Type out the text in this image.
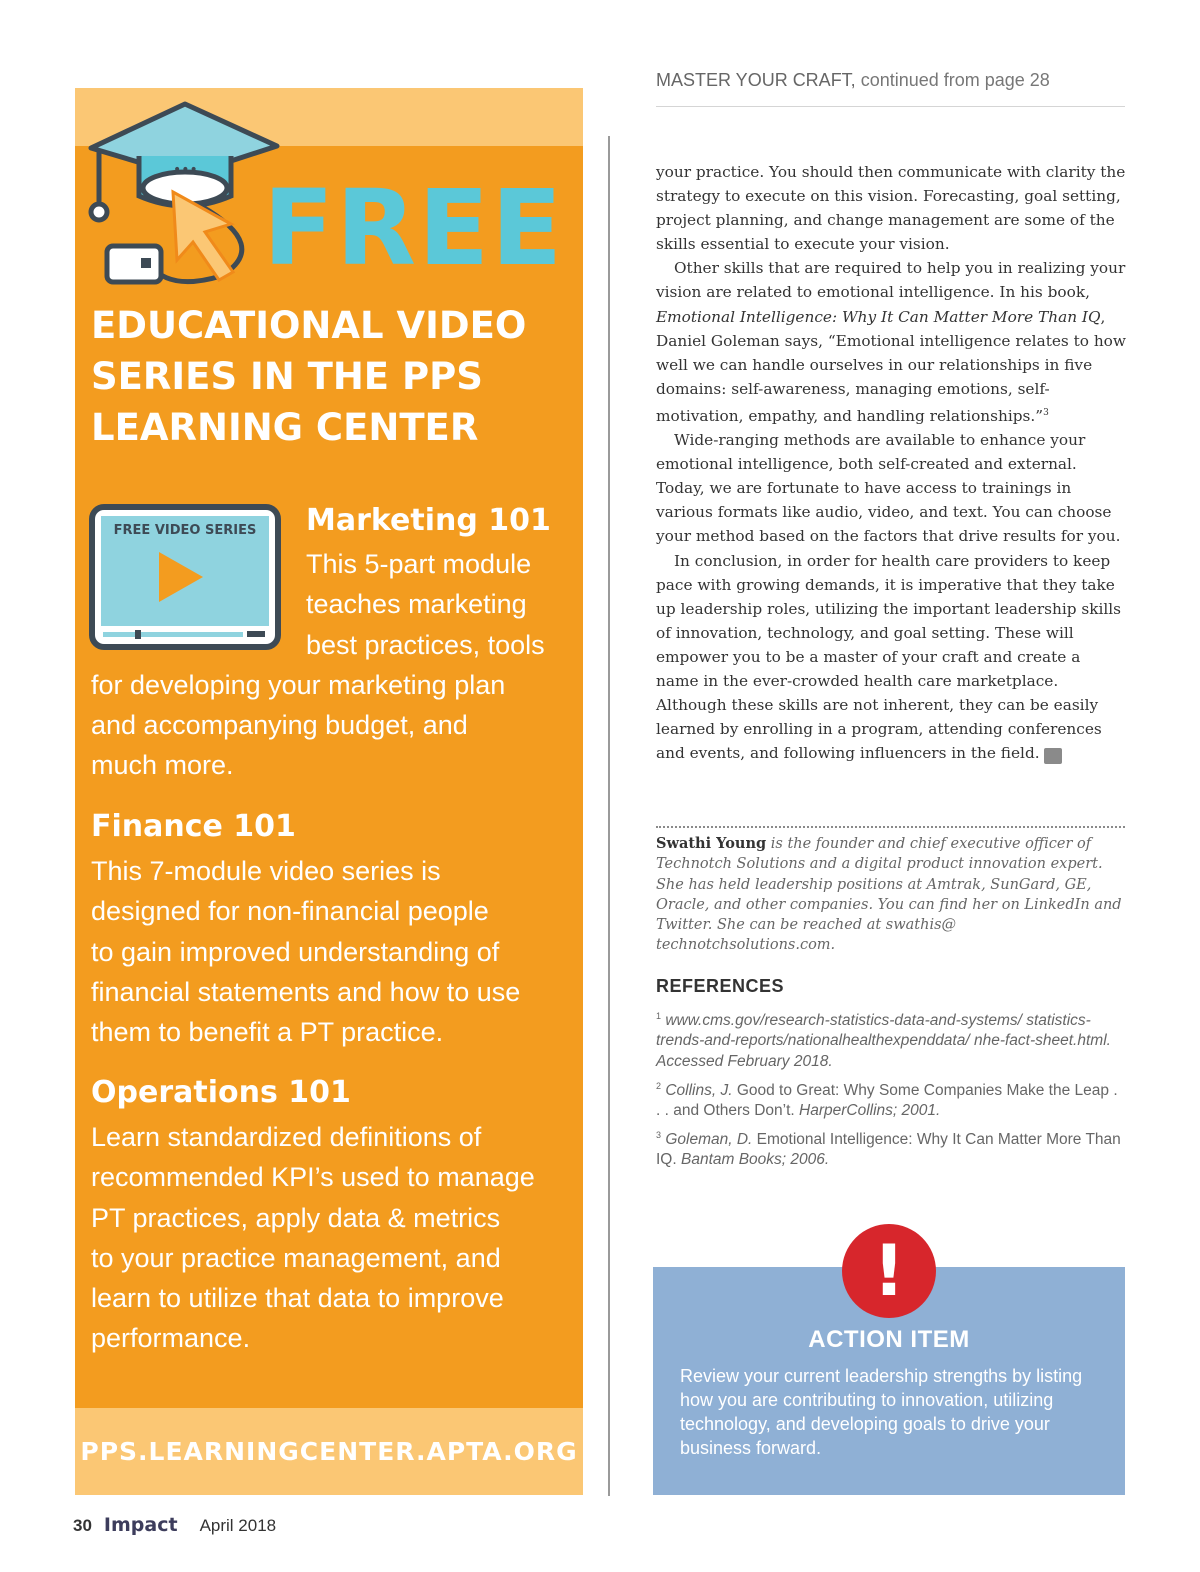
••• FREE
EDUCATIONAL VIDEO
SERIES IN THE PPS
LEARNING CENTER
FREE VIDEO SERIES Marketing 101
This 5-part module
teaches marketing
best practices, tools
for developing your marketing plan
and accompanying budget, and
much more.
Finance 101
This 7-module video series is
designed for non-financial people
to gain improved understanding of
financial statements and how to use
them to benefit a PT practice.
Operations 101
Learn standardized definitions of
recommended KPI’s used to manage
PT practices, apply data & metrics
to your practice management, and
learn to utilize that data to improve
performance.
PPS.LEARNINGCENTER.APTA.ORG
MASTER YOUR CRAFT, continued from page 28

your practice. You should then communicate with clarity the strategy to execute on this vision. Forecasting, goal setting, project planning, and change management are some of the skills essential to execute your vision.

Other skills that are required to help you in realizing your vision are related to emotional intelligence. In his book, Emotional Intelligence: Why It Can Matter More Than IQ, Daniel Goleman says, “Emotional intelligence relates to how well we can handle ourselves in our relationships in five domains: self-awareness, managing emotions, self-motivation, empathy, and handling relationships.”$^3$

Wide-ranging methods are available to enhance your emotional intelligence, both self-created and external. Today, we are fortunate to have access to trainings in various formats like audio, video, and text. You can choose your method based on the factors that drive results for you.

In conclusion, in order for health care providers to keep pace with growing demands, it is imperative that they take up leadership roles, utilizing the important leadership skills of innovation, technology, and goal setting. These will empower you to be a master of your craft and create a name in the ever-crowded health care marketplace. Although these skills are not inherent, they can be easily learned by enrolling in a program, attending conferences and events, and following influencers in the field. I

Swathi Young is the founder and chief executive officer of Technotch Solutions and a digital product innovation expert. She has held leadership positions at Amtrak, SunGard, GE, Oracle, and other companies. You can find her on LinkedIn and Twitter. She can be reached at swathis@ technotchsolutions.com.

REFERENCES

$^1$ www.cms.gov/research-statistics-data-and-systems/ statistics-trends-and-reports/nationalhealthexpenddata/ nhe-fact-sheet.html. Accessed February 2018.

$^2$ Collins, J. Good to Great: Why Some Companies Make the Leap . . . and Others Don’t. HarperCollins; 2001.

$^3$ Goleman, D. Emotional Intelligence: Why It Can Matter More Than IQ. Bantam Books; 2006.

!
ACTION ITEM

Review your current leadership strengths by listing how you are contributing to innovation, utilizing technology, and developing goals to drive your business forward.

30 Impact April 2018
